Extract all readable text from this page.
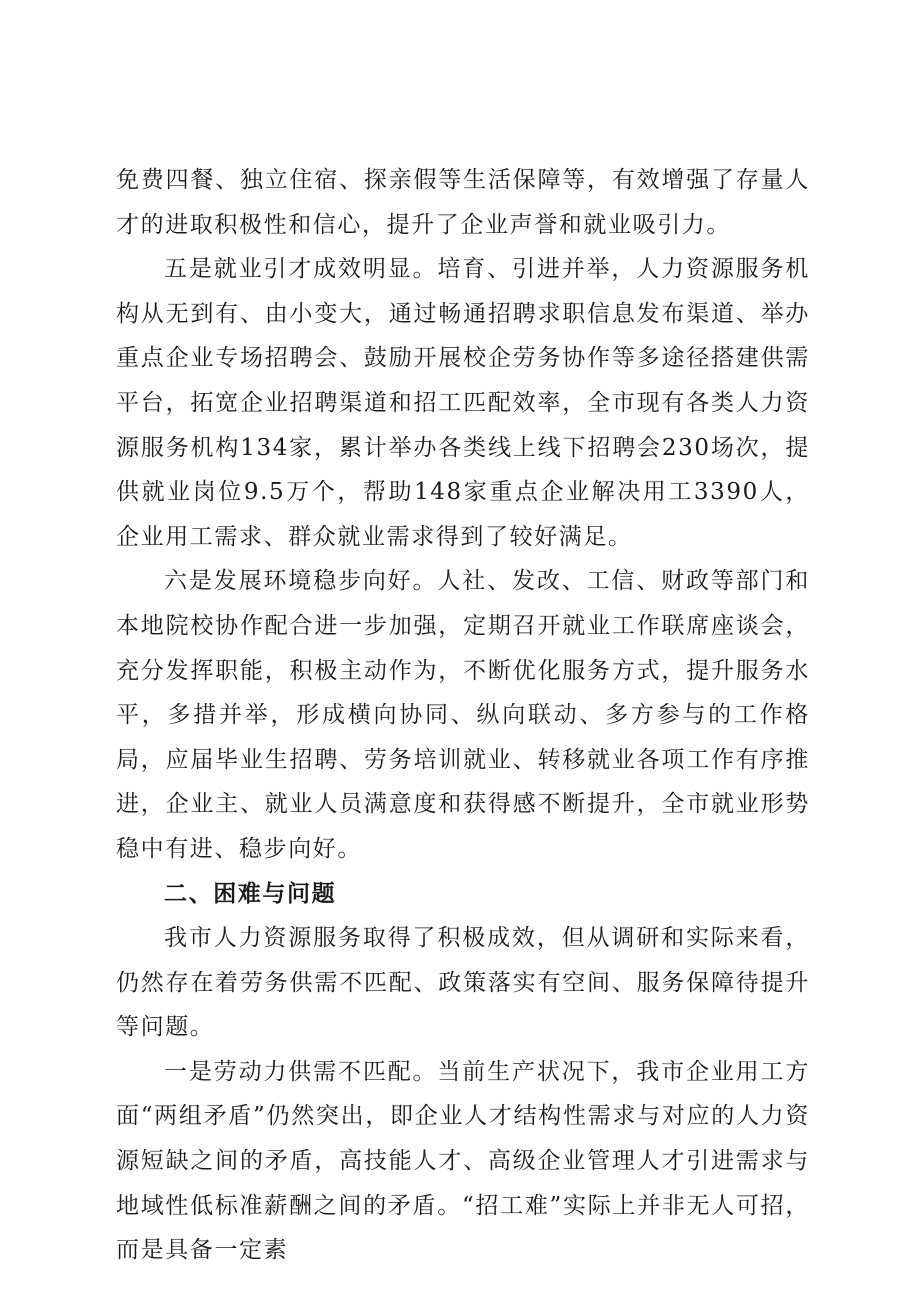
免费四餐、独立住宿、探亲假等生活保障等，有效增强了存量人才的进取积极性和信心，提升了企业声誉和就业吸引力。

五是就业引才成效明显。培育、引进并举，人力资源服务机构从无到有、由小变大，通过畅通招聘求职信息发布渠道、举办重点企业专场招聘会、鼓励开展校企劳务协作等多途径搭建供需平台，拓宽企业招聘渠道和招工匹配效率，全市现有各类人力资源服务机构134家，累计举办各类线上线下招聘会230场次，提供就业岗位9.5万个，帮助148家重点企业解决用工3390人，企业用工需求、群众就业需求得到了较好满足。

六是发展环境稳步向好。人社、发改、工信、财政等部门和本地院校协作配合进一步加强，定期召开就业工作联席座谈会，充分发挥职能，积极主动作为，不断优化服务方式，提升服务水平，多措并举，形成横向协同、纵向联动、多方参与的工作格局，应届毕业生招聘、劳务培训就业、转移就业各项工作有序推进，企业主、就业人员满意度和获得感不断提升，全市就业形势稳中有进、稳步向好。

二、困难与问题

我市人力资源服务取得了积极成效，但从调研和实际来看，仍然存在着劳务供需不匹配、政策落实有空间、服务保障待提升等问题。

一是劳动力供需不匹配。当前生产状况下，我市企业用工方面“两组矛盾”仍然突出，即企业人才结构性需求与对应的人力资源短缺之间的矛盾，高技能人才、高级企业管理人才引进需求与地域性低标准薪酬之间的矛盾。“招工难”实际上并非无人可招，而是具备一定素
